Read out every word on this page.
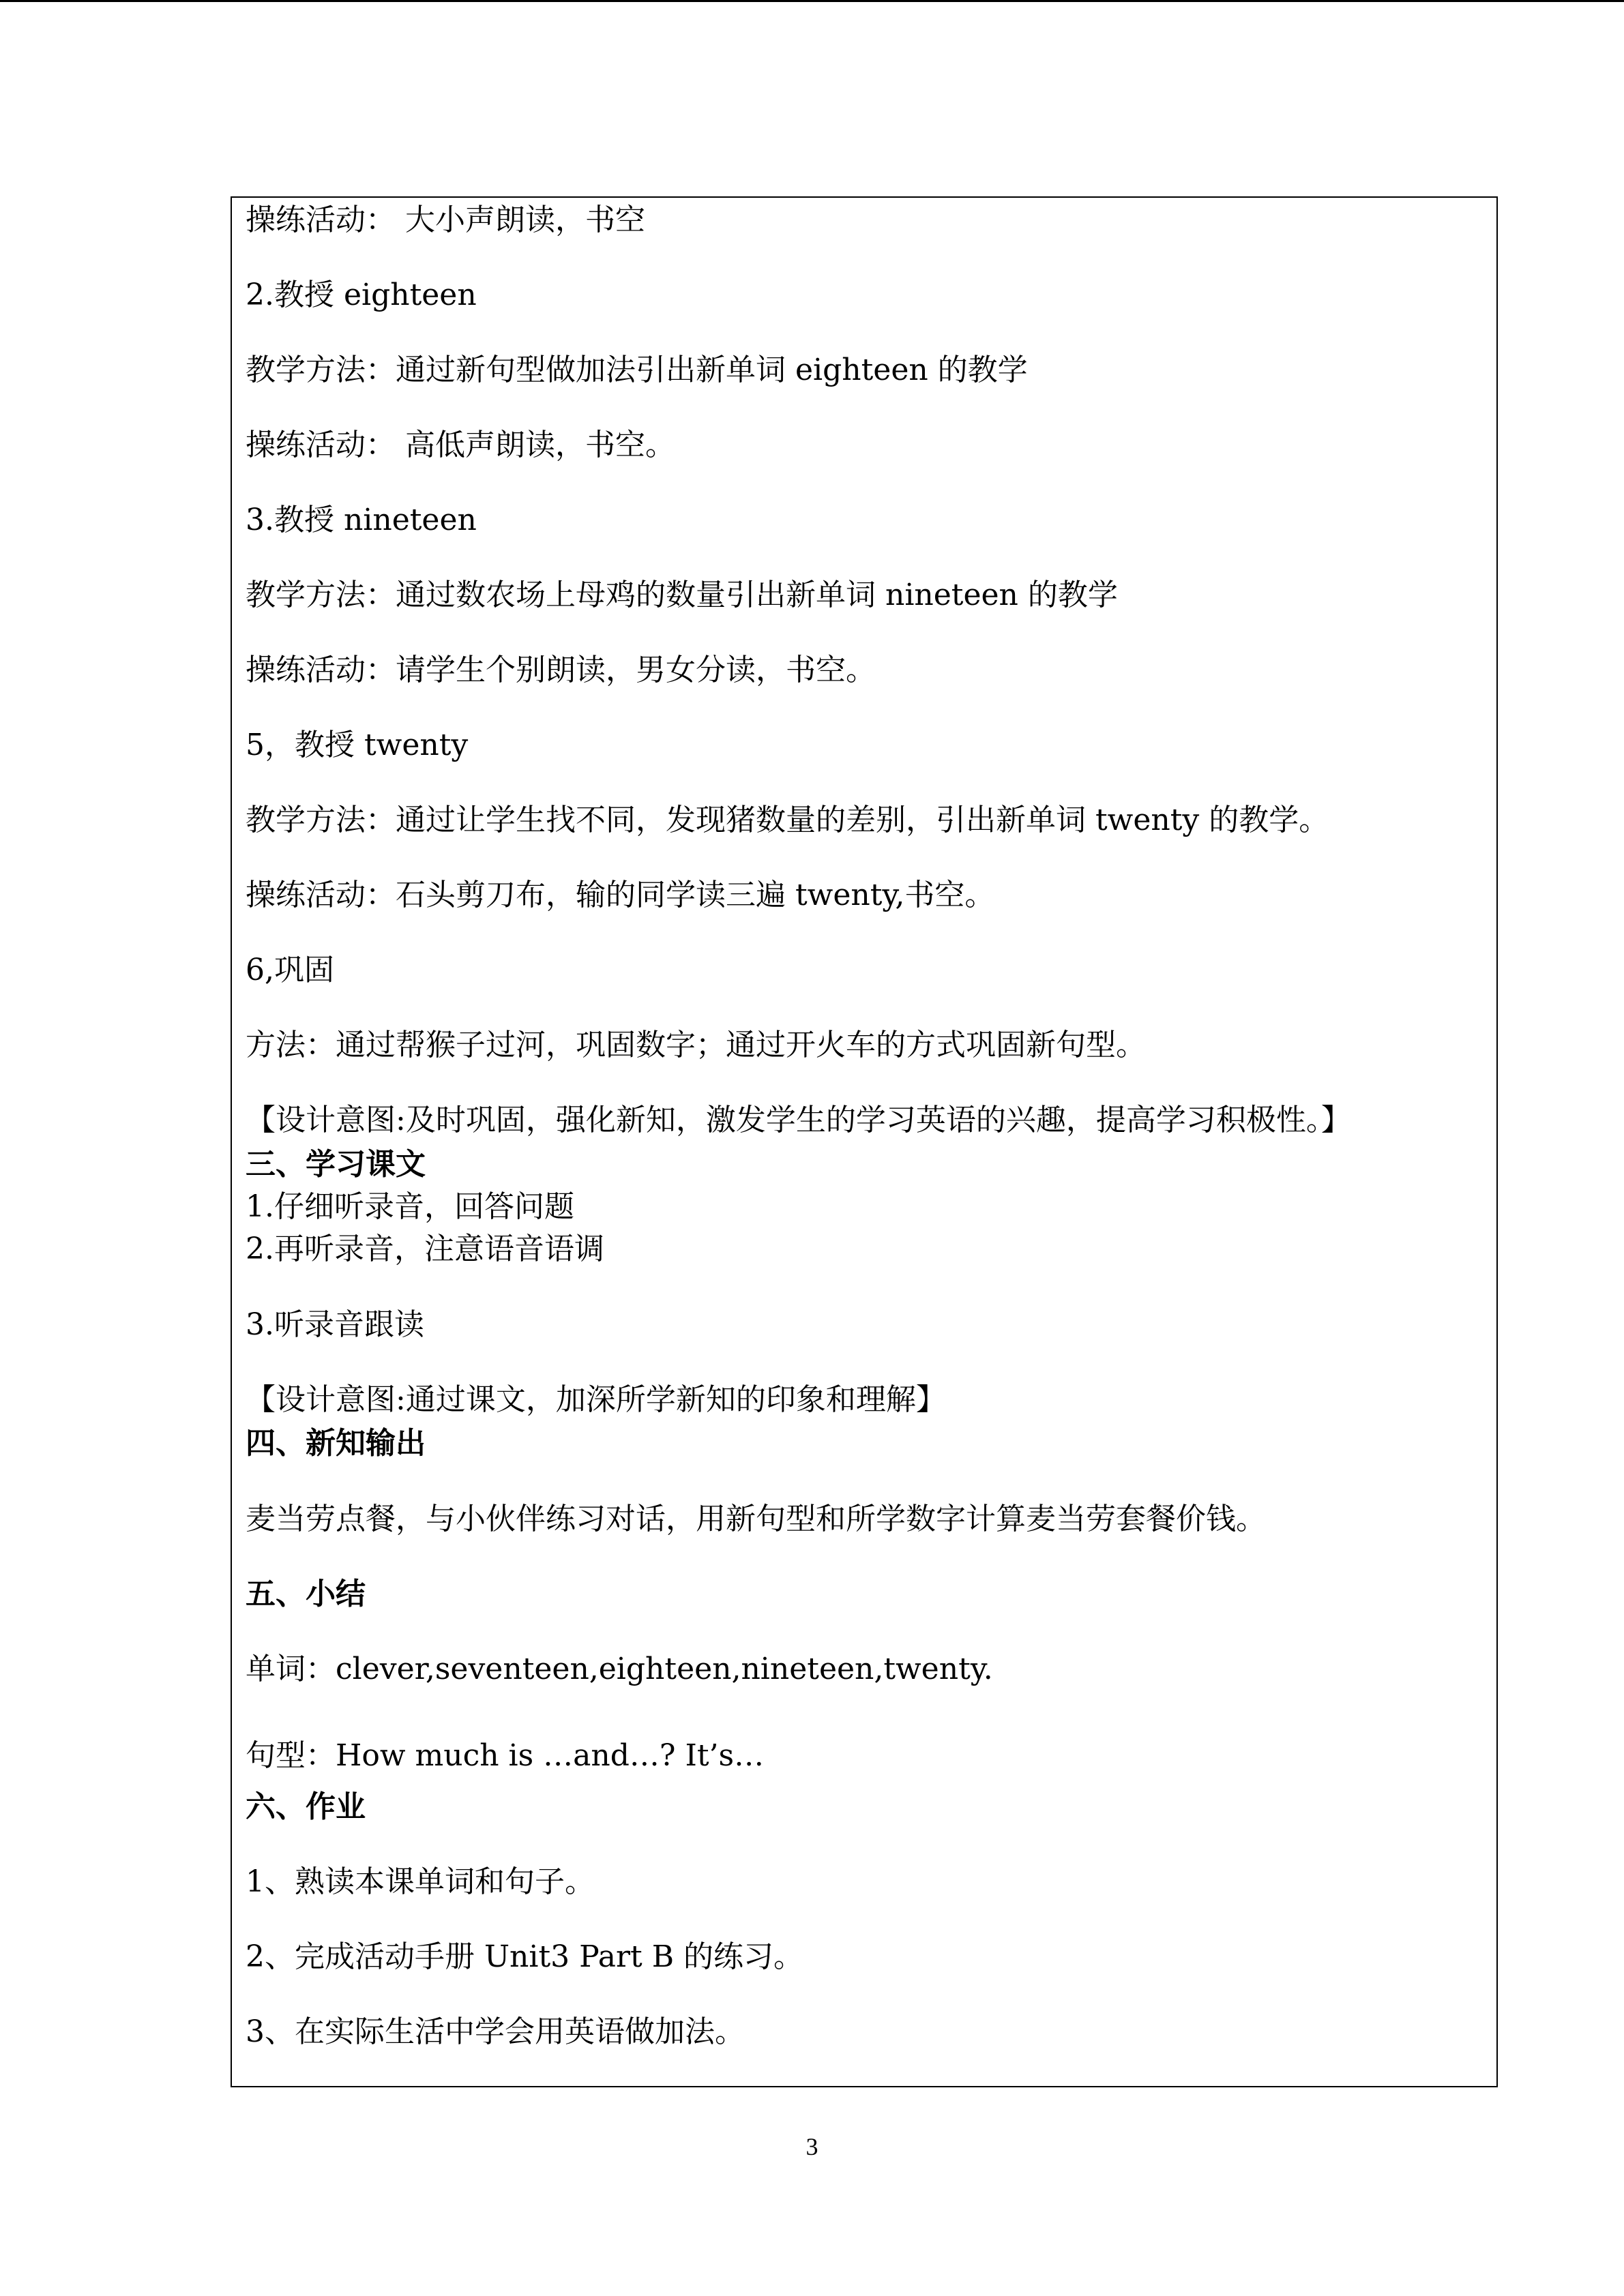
操练活动： 大小声朗读，书空
2.教授 eighteen
教学方法：通过新句型做加法引出新单词 eighteen 的教学
操练活动： 高低声朗读，书空。
3.教授 nineteen
教学方法：通过数农场上母鸡的数量引出新单词 nineteen 的教学
操练活动：请学生个别朗读，男女分读，书空。
5，教授 twenty
教学方法：通过让学生找不同，发现猪数量的差别，引出新单词 twenty 的教学。
操练活动：石头剪刀布，输的同学读三遍 twenty,书空。
6,巩固
方法：通过帮猴子过河，巩固数字；通过开火车的方式巩固新句型。
【设计意图:及时巩固，强化新知，激发学生的学习英语的兴趣，提高学习积极性。】
三、学习课文
1.仔细听录音，回答问题
2.再听录音，注意语音语调
3.听录音跟读
【设计意图:通过课文，加深所学新知的印象和理解】
四、新知输出
麦当劳点餐，与小伙伴练习对话，用新句型和所学数字计算麦当劳套餐价钱。
五、小结
单词：clever,seventeen,eighteen,nineteen,twenty.
句型：How much is …and…? It’s…
六、作业
1、熟读本课单词和句子。
2、完成活动手册 Unit3 Part B 的练习。
3、在实际生活中学会用英语做加法。
3
